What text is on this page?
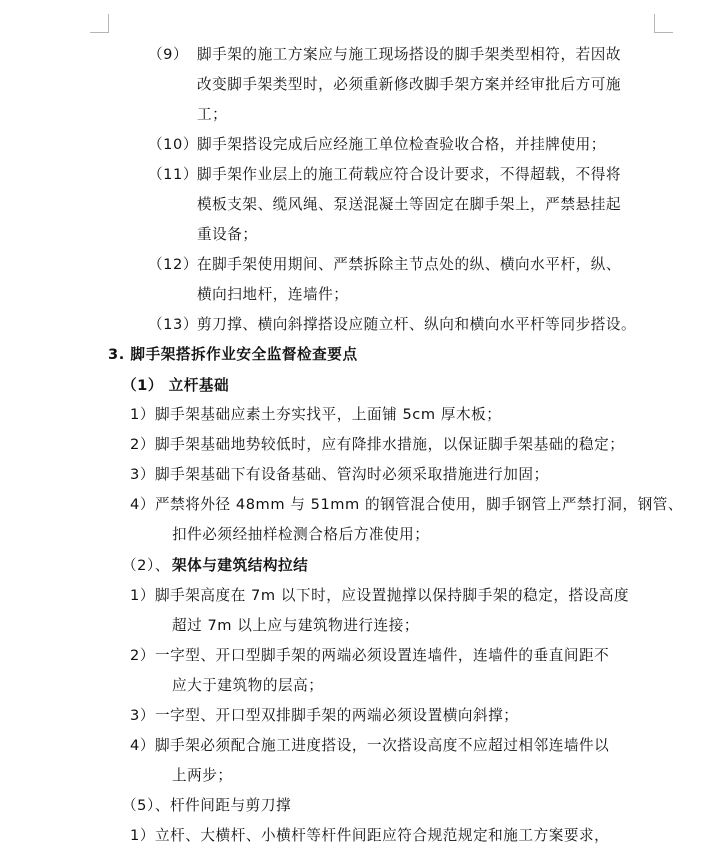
（9） 脚手架的施工方案应与施工现场搭设的脚手架类型相符，若因故
改变脚手架类型时，必须重新修改脚手架方案并经审批后方可施
工；
（10） 脚手架搭设完成后应经施工单位检查验收合格，并挂牌使用；
（11） 脚手架作业层上的施工荷载应符合设计要求，不得超载，不得将
模板支架、缆风绳、泵送混凝土等固定在脚手架上，严禁悬挂起
重设备；
（12） 在脚手架使用期间、严禁拆除主节点处的纵、横向水平杆，纵、
横向扫地杆，连墙件；
（13） 剪刀撑、横向斜撑搭设应随立杆、纵向和横向水平杆等同步搭设。
3. 脚手架搭拆作业安全监督检查要点
（1） 立杆基础
1）脚手架基础应素土夯实找平，上面铺 5cm 厚木板；
2）脚手架基础地势较低时，应有降排水措施，以保证脚手架基础的稳定；
3）脚手架基础下有设备基础、管沟时必须采取措施进行加固；
4）严禁将外径 48mm 与 51mm 的钢管混合使用，脚手钢管上严禁打洞，钢管、
扣件必须经抽样检测合格后方准使用；
（2）、 架体与建筑结构拉结
1）脚手架高度在 7m 以下时，应设置抛撑以保持脚手架的稳定，搭设高度
超过 7m 以上应与建筑物进行连接；
2）一字型、开口型脚手架的两端必须设置连墙件，连墙件的垂直间距不
应大于建筑物的层高；
3）一字型、开口型双排脚手架的两端必须设置横向斜撑；
4）脚手架必须配合施工进度搭设，一次搭设高度不应超过相邻连墙件以
上两步；
（5）、杆件间距与剪刀撑
1）立杆、大横杆、小横杆等杆件间距应符合规范规定和施工方案要求，
